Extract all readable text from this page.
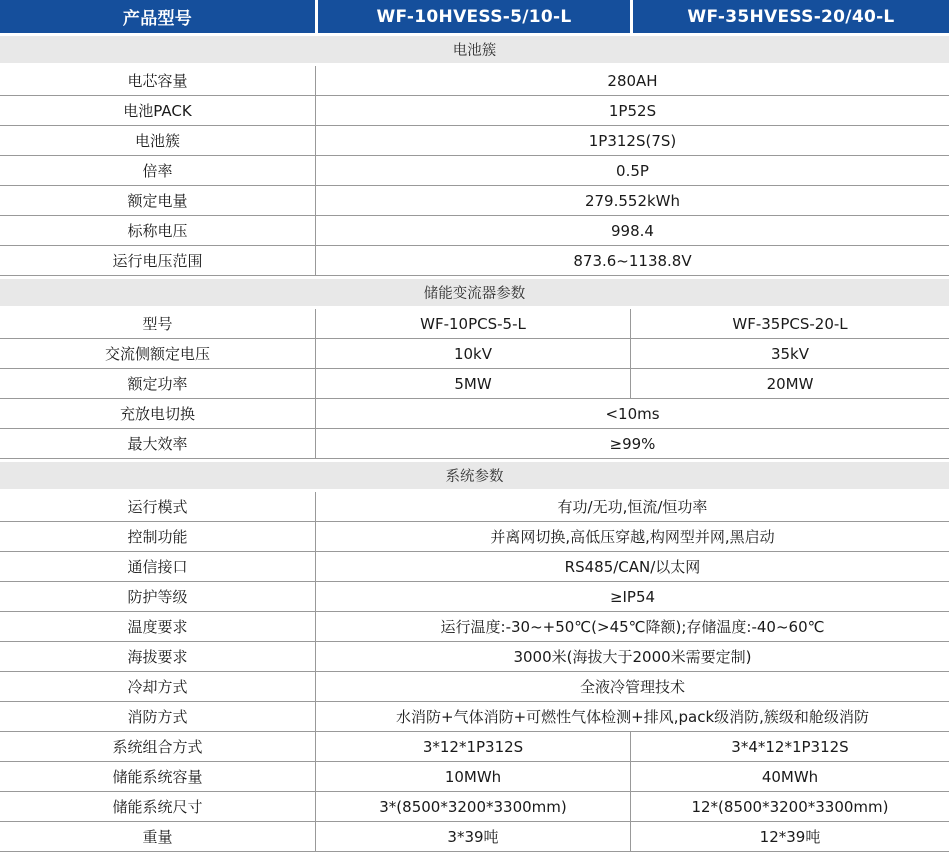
产品型号	WF-10HVESS-5/10-L	WF-35HVESS-20/40-L
电池簇
电芯容量	280AH
电池PACK	1P52S
电池簇	1P312S(7S)
倍率	0.5P
额定电量	279.552kWh
标称电压	998.4
运行电压范围	873.6~1138.8V
储能变流器参数
型号	WF-10PCS-5-L	WF-35PCS-20-L
交流侧额定电压	10kV	35kV
额定功率	5MW	20MW
充放电切换	<10ms
最大效率	≥99%
系统参数
运行模式	有功/无功,恒流/恒功率
控制功能	并离网切换,高低压穿越,构网型并网,黑启动
通信接口	RS485/CAN/以太网
防护等级	≥IP54
温度要求	运行温度:-30~+50℃(>45℃降额);存储温度:-40~60℃
海拔要求	3000米(海拔大于2000米需要定制)
冷却方式	全液冷管理技术
消防方式	水消防+气体消防+可燃性气体检测+排风,pack级消防,簇级和舱级消防
系统组合方式	3*12*1P312S	3*4*12*1P312S
储能系统容量	10MWh	40MWh
储能系统尺寸	3*(8500*3200*3300mm)	12*(8500*3200*3300mm)
重量	3*39吨	12*39吨
